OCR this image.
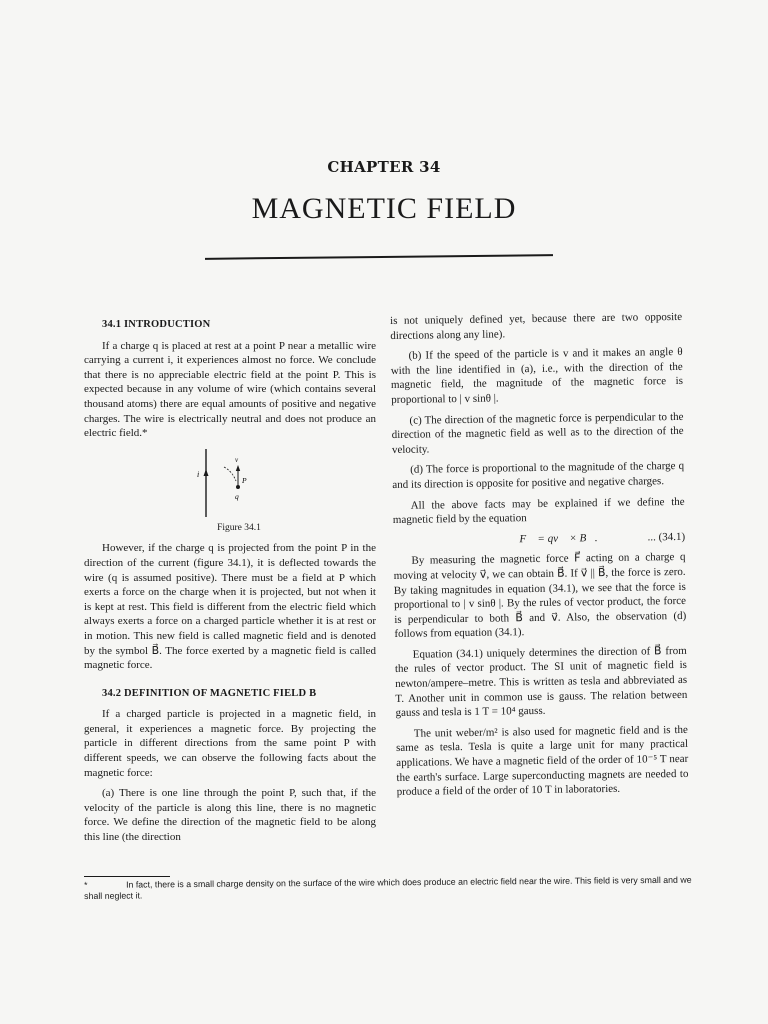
CHAPTER 34
MAGNETIC FIELD

34.1 INTRODUCTION

If a charge q is placed at rest at a point P near a metallic wire carrying a current i, it experiences almost no force. We conclude that there is no appreciable electric field at the point P. This is expected because in any volume of wire (which contains several thousand atoms) there are equal amounts of positive and negative charges. The wire is electrically neutral and does not produce an electric field.*

i
v
P
q

Figure 34.1

However, if the charge q is projected from the point P in the direction of the current (figure 34.1), it is deflected towards the wire (q is assumed positive). There must be a field at P which exerts a force on the charge when it is projected, but not when it is kept at rest. This field is different from the electric field which always exerts a force on a charged particle whether it is at rest or in motion. This new field is called magnetic field and is denoted by the symbol B⃗. The force exerted by a magnetic field is called magnetic force.

34.2 DEFINITION OF MAGNETIC FIELD B⃗

If a charged particle is projected in a magnetic field, in general, it experiences a magnetic force. By projecting the particle in different directions from the same point P with different speeds, we can observe the following facts about the magnetic force:

(a) There is one line through the point P, such that, if the velocity of the particle is along this line, there is no magnetic force. We define the direction of the magnetic field to be along this line (the direction

is not uniquely defined yet, because there are two opposite directions along any line).

(b) If the speed of the particle is v and it makes an angle θ with the line identified in (a), i.e., with the direction of the magnetic field, the magnitude of the magnetic force is proportional to | v sinθ |.

(c) The direction of the magnetic force is perpendicular to the direction of the magnetic field as well as to the direction of the velocity.

(d) The force is proportional to the magnitude of the charge q and its direction is opposite for positive and negative charges.

All the above facts may be explained if we define the magnetic field by the equation

F⃗ = qv⃗ × B⃗.	... (34.1)

By measuring the magnetic force F⃗ acting on a charge q moving at velocity v⃗, we can obtain B⃗. If v⃗ || B⃗, the force is zero. By taking magnitudes in equation (34.1), we see that the force is proportional to | v sinθ |. By the rules of vector product, the force is perpendicular to both B⃗ and v⃗. Also, the observation (d) follows from equation (34.1).

Equation (34.1) uniquely determines the direction of B⃗ from the rules of vector product. The SI unit of magnetic field is newton/ampere–metre. This is written as tesla and abbreviated as T. Another unit in common use is gauss. The relation between gauss and tesla is 1 T = 10⁴ gauss.

The unit weber/m² is also used for magnetic field and is the same as tesla. Tesla is quite a large unit for many practical applications. We have a magnetic field of the order of 10⁻⁵ T near the earth's surface. Large superconducting magnets are needed to produce a field of the order of 10 T in laboratories.

*	In fact, there is a small charge density on the surface of the wire which does produce an electric field near the wire. This field is very small and we shall neglect it.
